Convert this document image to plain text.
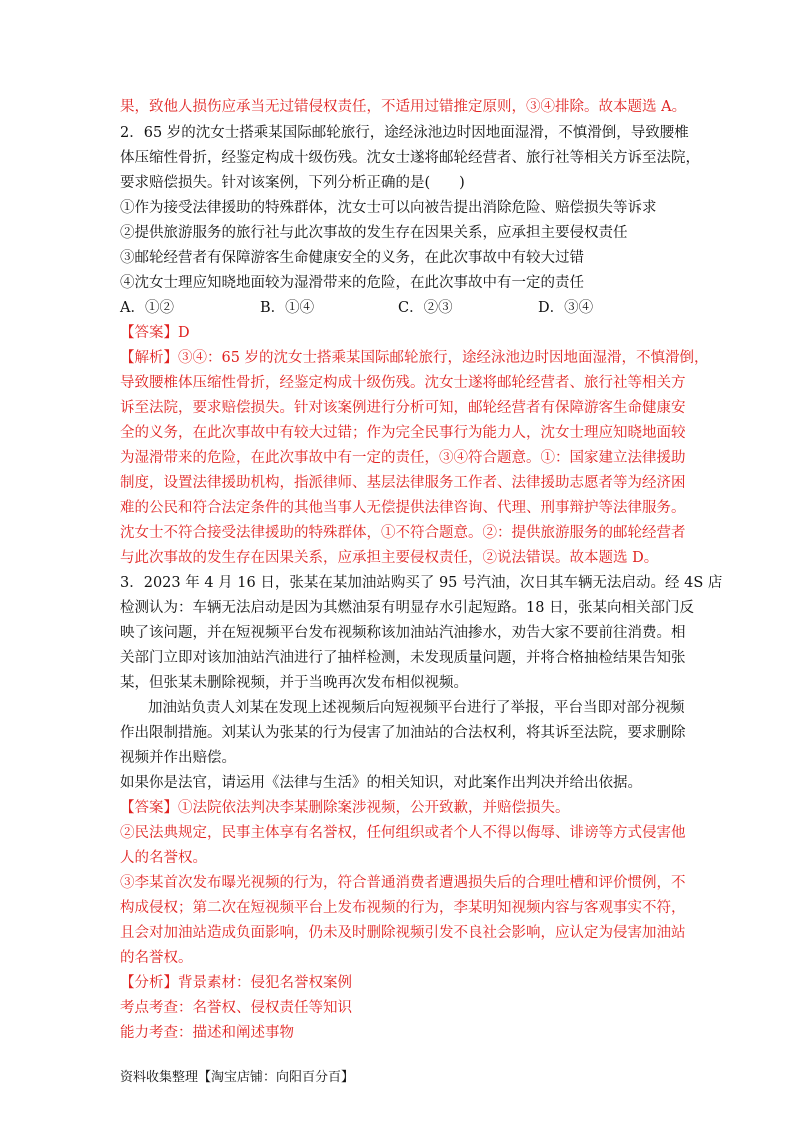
果，致他人损伤应承当无过错侵权责任，不适用过错推定原则，③④排除。故本题选 A。
2．65 岁的沈女士搭乘某国际邮轮旅行，途经泳池边时因地面湿滑，不慎滑倒，导致腰椎
体压缩性骨折，经鉴定构成十级伤残。沈女士遂将邮轮经营者、旅行社等相关方诉至法院，
要求赔偿损失。针对该案例，下列分析正确的是(　　)
①作为接受法律援助的特殊群体，沈女士可以向被告提出消除危险、赔偿损失等诉求
②提供旅游服务的旅行社与此次事故的发生存在因果关系，应承担主要侵权责任
③邮轮经营者有保障游客生命健康安全的义务，在此次事故中有较大过错
④沈女士理应知晓地面较为湿滑带来的危险，在此次事故中有一定的责任
A．①②	B．①④	C．②③	D．③④
【答案】D
【解析】③④：65 岁的沈女士搭乘某国际邮轮旅行，途经泳池边时因地面湿滑，不慎滑倒，
导致腰椎体压缩性骨折，经鉴定构成十级伤残。沈女士遂将邮轮经营者、旅行社等相关方
诉至法院，要求赔偿损失。针对该案例进行分析可知，邮轮经营者有保障游客生命健康安
全的义务，在此次事故中有较大过错；作为完全民事行为能力人，沈女士理应知晓地面较
为湿滑带来的危险，在此次事故中有一定的责任，③④符合题意。①：国家建立法律援助
制度，设置法律援助机构，指派律师、基层法律服务工作者、法律援助志愿者等为经济困
难的公民和符合法定条件的其他当事人无偿提供法律咨询、代理、刑事辩护等法律服务。
沈女士不符合接受法律援助的特殊群体，①不符合题意。②：提供旅游服务的邮轮经营者
与此次事故的发生存在因果关系，应承担主要侵权责任，②说法错误。故本题选 D。
3．2023 年 4 月 16 日，张某在某加油站购买了 95 号汽油，次日其车辆无法启动。经 4S 店
检测认为：车辆无法启动是因为其燃油泵有明显存水引起短路。18 日，张某向相关部门反
映了该问题，并在短视频平台发布视频称该加油站汽油掺水，劝告大家不要前往消费。相
关部门立即对该加油站汽油进行了抽样检测，未发现质量问题，并将合格抽检结果告知张
某，但张某未删除视频，并于当晚再次发布相似视频。
加油站负责人刘某在发现上述视频后向短视频平台进行了举报，平台当即对部分视频
作出限制措施。刘某认为张某的行为侵害了加油站的合法权利，将其诉至法院，要求删除
视频并作出赔偿。
如果你是法官，请运用《法律与生活》的相关知识，对此案作出判决并给出依据。
【答案】①法院依法判决李某删除案涉视频，公开致歉，并赔偿损失。
②民法典规定，民事主体享有名誉权，任何组织或者个人不得以侮辱、诽谤等方式侵害他
人的名誉权。
③李某首次发布曝光视频的行为，符合普通消费者遭遇损失后的合理吐槽和评价惯例，不
构成侵权；第二次在短视频平台上发布视频的行为，李某明知视频内容与客观事实不符，
且会对加油站造成负面影响，仍未及时删除视频引发不良社会影响，应认定为侵害加油站
的名誉权。
【分析】背景素材：侵犯名誉权案例
考点考查：名誉权、侵权责任等知识
能力考查：描述和阐述事物
资料收集整理【淘宝店铺：向阳百分百】
